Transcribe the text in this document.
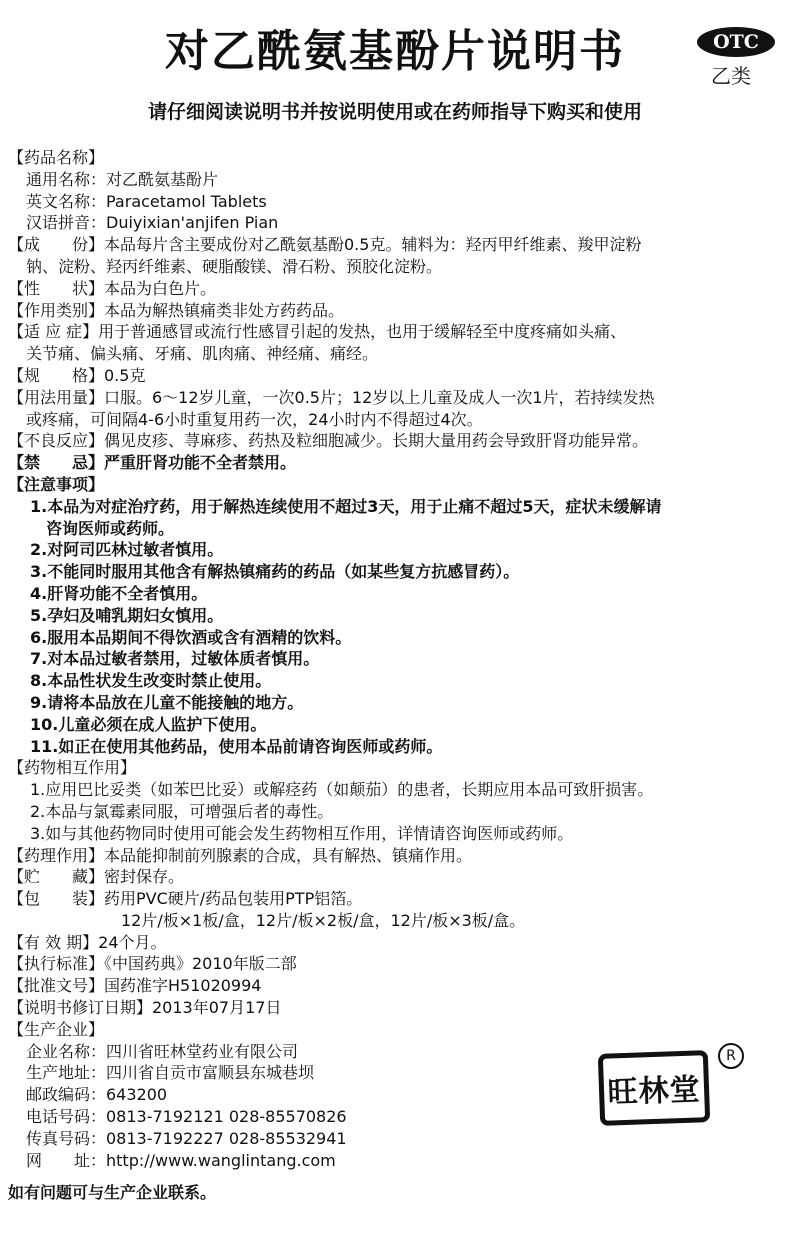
对乙酰氨基酚片说明书	OTC
乙类
请仔细阅读说明书并按说明使用或在药师指导下购买和使用
【药品名称】
通用名称：对乙酰氨基酚片
英文名称：Paracetamol Tablets
汉语拼音：Duiyixian'anjifen Pian
【成　　份】本品每片含主要成份对乙酰氨基酚0.5克。辅料为：羟丙甲纤维素、羧甲淀粉
钠、淀粉、羟丙纤维素、硬脂酸镁、滑石粉、预胶化淀粉。
【性　　状】本品为白色片。
【作用类别】本品为解热镇痛类非处方药药品。
【适 应 症】用于普通感冒或流行性感冒引起的发热，也用于缓解轻至中度疼痛如头痛、
关节痛、偏头痛、牙痛、肌肉痛、神经痛、痛经。
【规　　格】0.5克
【用法用量】口服。6～12岁儿童，一次0.5片；12岁以上儿童及成人一次1片，若持续发热
或疼痛，可间隔4-6小时重复用药一次，24小时内不得超过4次。
【不良反应】偶见皮疹、荨麻疹、药热及粒细胞减少。长期大量用药会导致肝肾功能异常。
【禁　　忌】严重肝肾功能不全者禁用。
【注意事项】
1.本品为对症治疗药，用于解热连续使用不超过3天，用于止痛不超过5天，症状未缓解请
咨询医师或药师。
2.对阿司匹林过敏者慎用。
3.不能同时服用其他含有解热镇痛药的药品（如某些复方抗感冒药）。
4.肝肾功能不全者慎用。
5.孕妇及哺乳期妇女慎用。
6.服用本品期间不得饮酒或含有酒精的饮料。
7.对本品过敏者禁用，过敏体质者慎用。
8.本品性状发生改变时禁止使用。
9.请将本品放在儿童不能接触的地方。
10.儿童必须在成人监护下使用。
11.如正在使用其他药品，使用本品前请咨询医师或药师。
【药物相互作用】
1.应用巴比妥类（如苯巴比妥）或解痉药（如颠茄）的患者，长期应用本品可致肝损害。
2.本品与氯霉素同服，可增强后者的毒性。
3.如与其他药物同时使用可能会发生药物相互作用，详情请咨询医师或药师。
【药理作用】本品能抑制前列腺素的合成，具有解热、镇痛作用。
【贮　　藏】密封保存。
【包　　装】药用PVC硬片/药品包装用PTP铝箔。
12片/板×1板/盒，12片/板×2板/盒，12片/板×3板/盒。
【有 效 期】24个月。
【执行标准】《中国药典》2010年版二部
【批准文号】国药准字H51020994
【说明书修订日期】2013年07月17日
【生产企业】
企业名称：四川省旺林堂药业有限公司
生产地址：四川省自贡市富顺县东城巷坝
邮政编码：643200
电话号码：0813-7192121 028-85570826
传真号码：0813-7192227 028-85532941
网　　址：http://www.wanglintang.com
旺林堂
R
如有问题可与生产企业联系。
